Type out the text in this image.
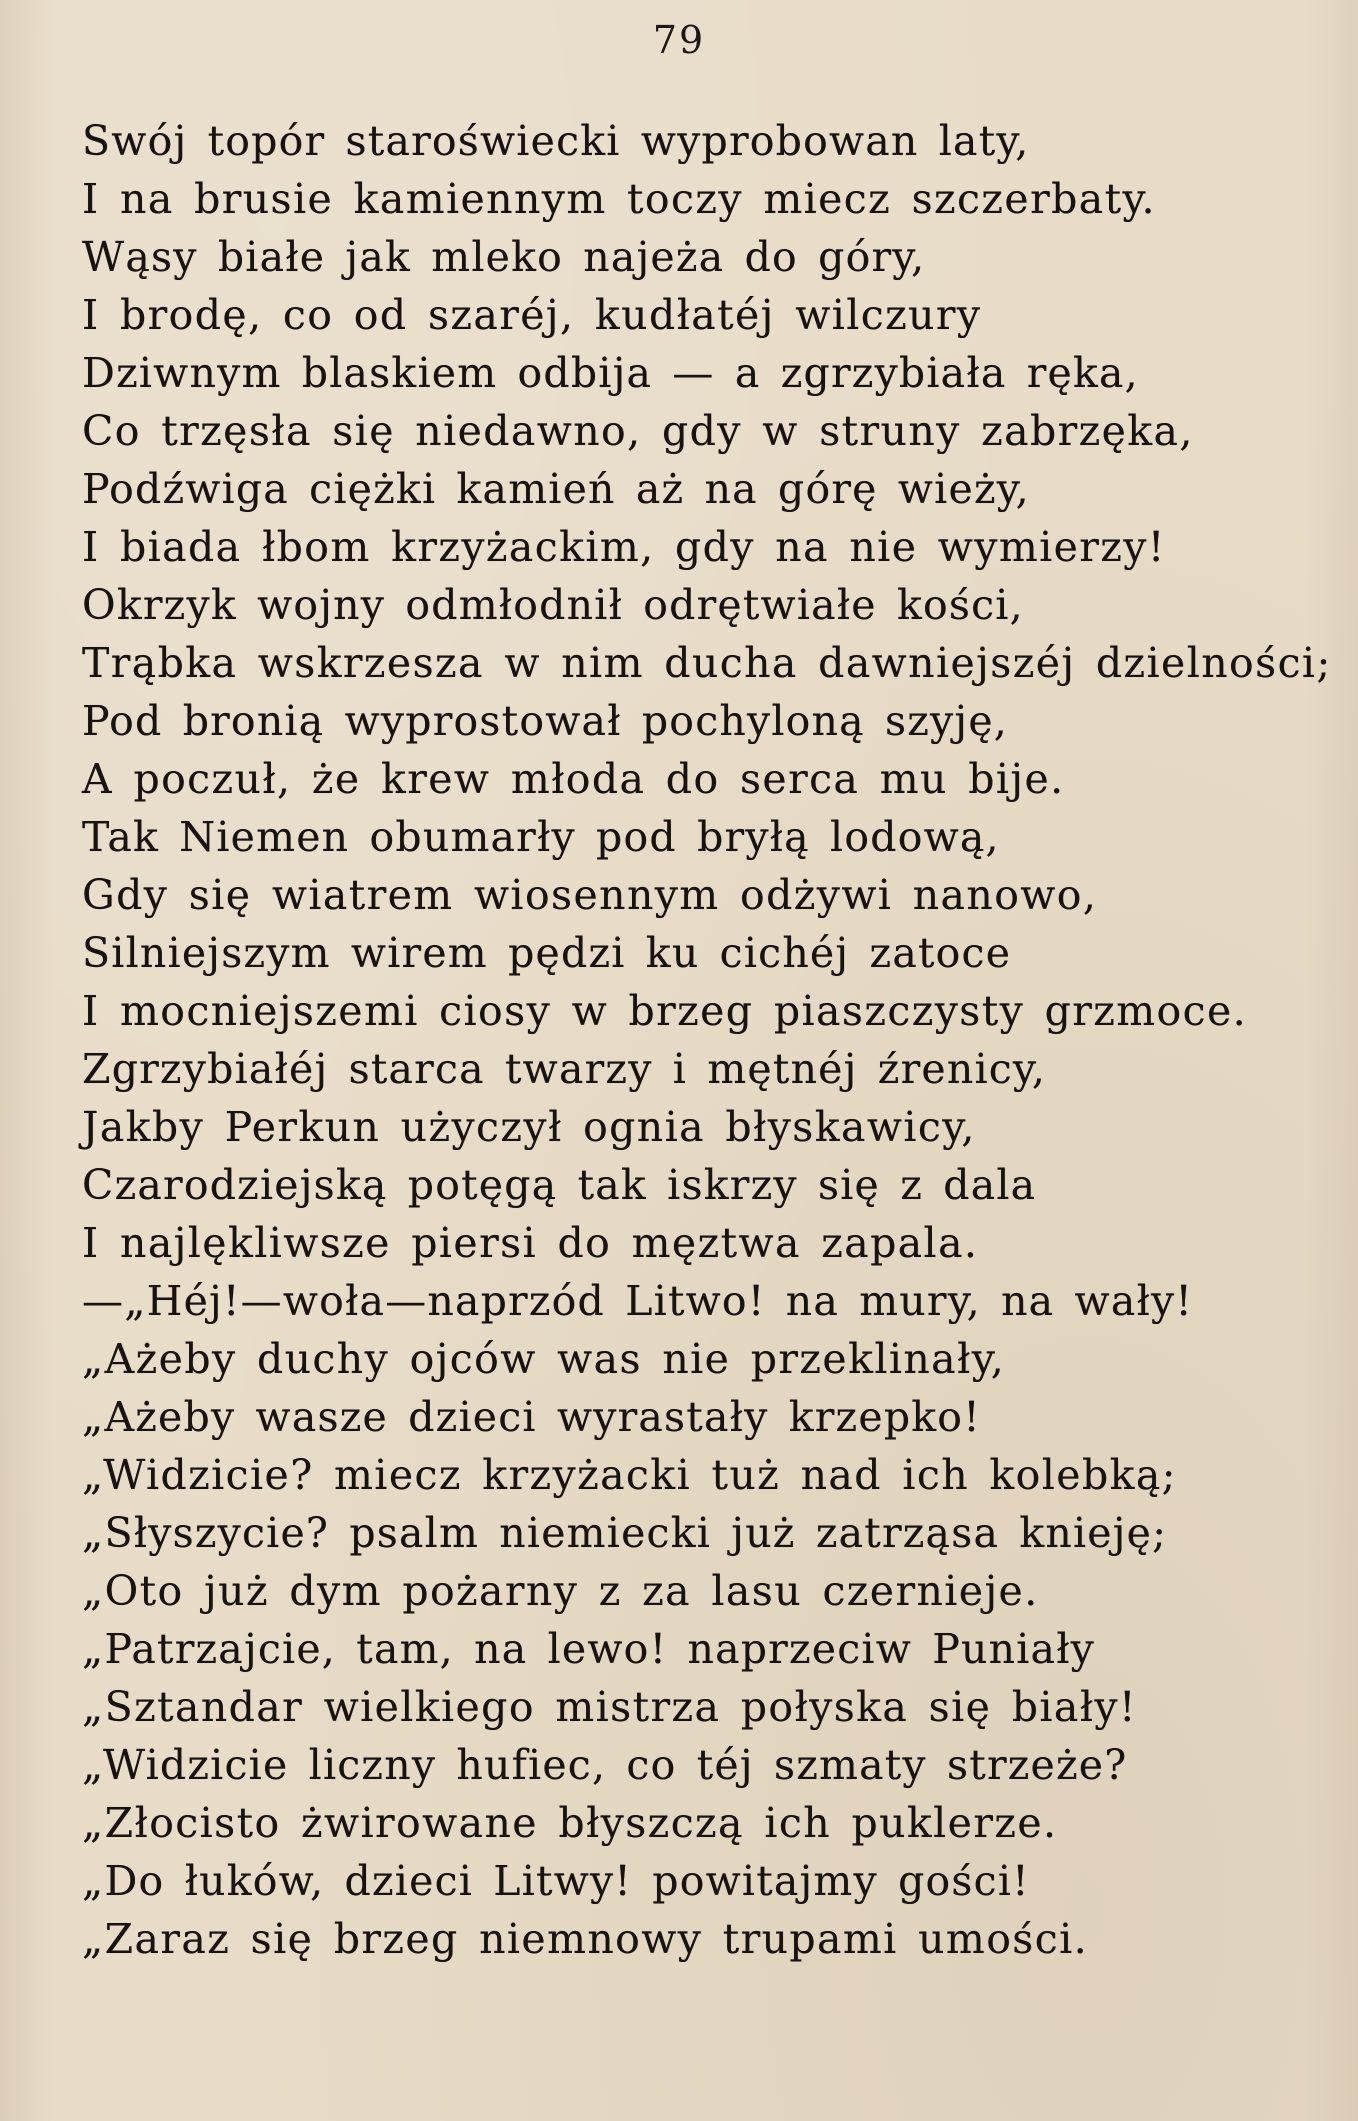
79
Swój topór staroświecki wyprobowan laty,
I na brusie kamiennym toczy miecz szczerbaty.
Wąsy białe jak mleko najeża do góry,
I brodę, co od szaréj, kudłatéj wilczury
Dziwnym blaskiem odbija — a zgrzybiała ręka,
Co trzęsła się niedawno, gdy w struny zabrzęka,
Podźwiga ciężki kamień aż na górę wieży,
I biada łbom krzyżackim, gdy na nie wymierzy!
Okrzyk wojny odmłodnił odrętwiałe kości,
Trąbka wskrzesza w nim ducha dawniejszéj dzielności;
Pod bronią wyprostował pochyloną szyję,
A poczuł, że krew młoda do serca mu bije.
Tak Niemen obumarły pod bryłą lodową,
Gdy się wiatrem wiosennym odżywi nanowo,
Silniejszym wirem pędzi ku cichéj zatoce
I mocniejszemi ciosy w brzeg piaszczysty grzmoce.
Zgrzybiałéj starca twarzy i mętnéj źrenicy,
Jakby Perkun użyczył ognia błyskawicy,
Czarodziejską potęgą tak iskrzy się z dala
I najlękliwsze piersi do męztwa zapala.
—„Héj!—woła—naprzód Litwo! na mury, na wały!
„Ażeby duchy ojców was nie przeklinały,
„Ażeby wasze dzieci wyrastały krzepko!
„Widzicie? miecz krzyżacki tuż nad ich kolebką;
„Słyszycie? psalm niemiecki już zatrząsa knieję;
„Oto już dym pożarny z za lasu czernieje.
„Patrzajcie, tam, na lewo! naprzeciw Puniały
„Sztandar wielkiego mistrza połyska się biały!
„Widzicie liczny hufiec, co téj szmaty strzeże?
„Złocisto żwirowane błyszczą ich puklerze.
„Do łuków, dzieci Litwy! powitajmy gości!
„Zaraz się brzeg niemnowy trupami umości.
